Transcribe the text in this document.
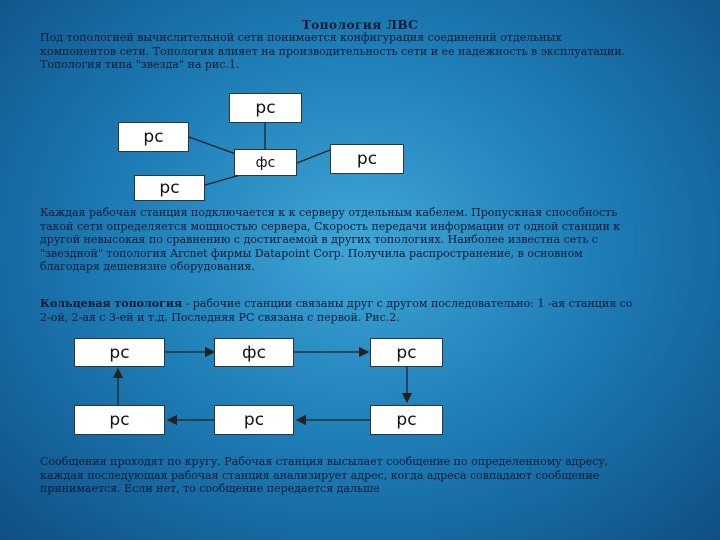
Топология ЛВС
Под топологией вычислительной сети понимается конфигурация соединений отдельных компонентов сети. Топология влияет на производительность сети и ее надежность в эксплуатации. Топология типа "звезда" на рис.1.
pc
pc
фс	pc
pc
Каждая рабочая станция подключается к к серверу отдельным кабелем. Пропускная способность такой сети определяется мощностью сервера, Скорость передачи информации от одной станции к другой невысокая по сравнению с достигаемой в других топологиях. Наиболее известна сеть с "звездной" топология Arcnet фирмы Datapoint Corp. Получила распространение, в основном благодаря дешевизне оборудования.
Кольцевая топология - рабочие станции связаны друг с другом последовательно: 1 -ая станция со 2-ой, 2-ая с 3-ей и т.д. Последняя PC связана с первой. Рис.2.
pc	фс	pc
pc	pc	pc
Сообщения проходят по кругу. Рабочая станция высылает сообщение по определенному адресу, каждая последующая рабочая станция анализирует адрес, когда адреса совпадают сообщение принимается. Если нет, то сообщение передается дальше
